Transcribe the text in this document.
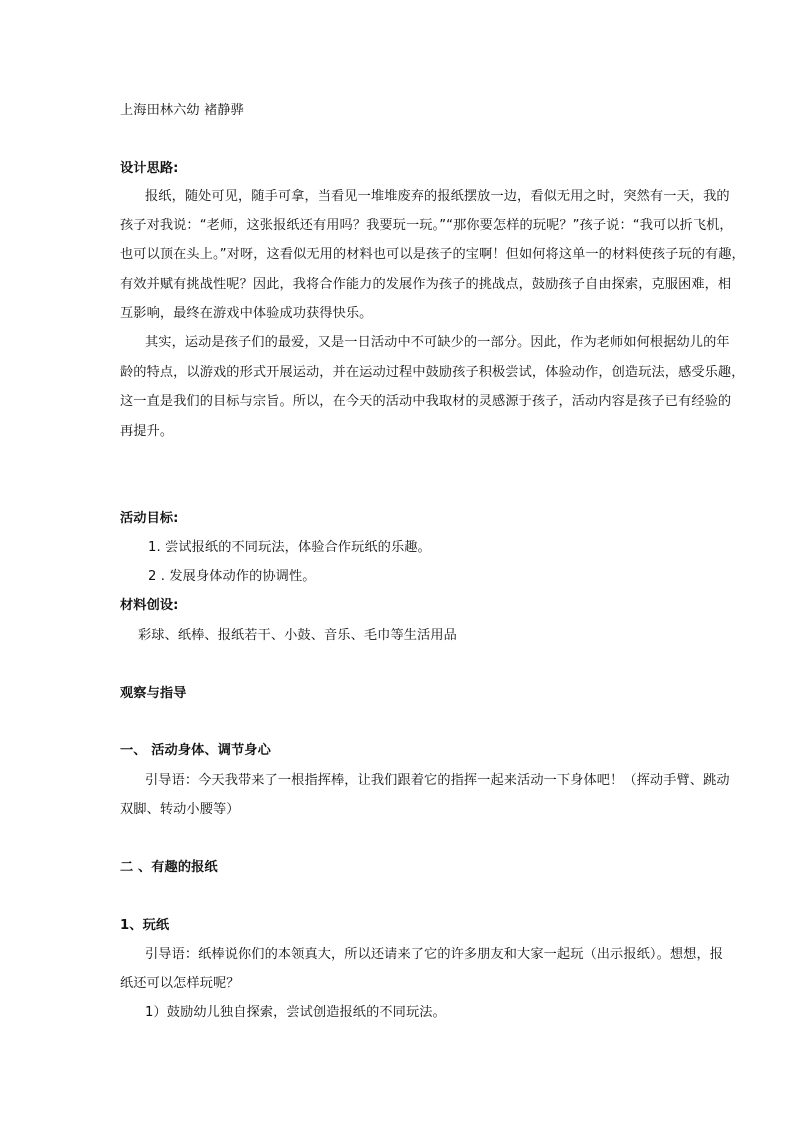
上海田林六幼 褚静骅
设计思路:
报纸，随处可见，随手可拿，当看见一堆堆废弃的报纸摆放一边，看似无用之时，突然有一天，我的
孩子对我说：“老师，这张报纸还有用吗？我要玩一玩。”“那你要怎样的玩呢？”孩子说：“我可以折飞机，
也可以顶在头上。”对呀，这看似无用的材料也可以是孩子的宝啊！但如何将这单一的材料使孩子玩的有趣，
有效并赋有挑战性呢？因此，我将合作能力的发展作为孩子的挑战点，鼓励孩子自由探索，克服困难，相
互影响，最终在游戏中体验成功获得快乐。
其实，运动是孩子们的最爱，又是一日活动中不可缺少的一部分。因此，作为老师如何根据幼儿的年
龄的特点，以游戏的形式开展运动，并在运动过程中鼓励孩子积极尝试，体验动作，创造玩法，感受乐趣，
这一直是我们的目标与宗旨。所以，在今天的活动中我取材的灵感源于孩子，活动内容是孩子已有经验的
再提升。
活动目标:
1. 尝试报纸的不同玩法，体验合作玩纸的乐趣。
2 . 发展身体动作的协调性。
材料创设:
彩球、纸棒、报纸若干、小鼓、音乐、毛巾等生活用品
观察与指导
一、 活动身体、调节身心
引导语：今天我带来了一根指挥棒，让我们跟着它的指挥一起来活动一下身体吧！（挥动手臂、跳动
双脚、转动小腰等）
二 、有趣的报纸
1、玩纸
引导语：纸棒说你们的本领真大，所以还请来了它的许多朋友和大家一起玩（出示报纸）。想想，报
纸还可以怎样玩呢？
1）鼓励幼儿独自探索，尝试创造报纸的不同玩法。
